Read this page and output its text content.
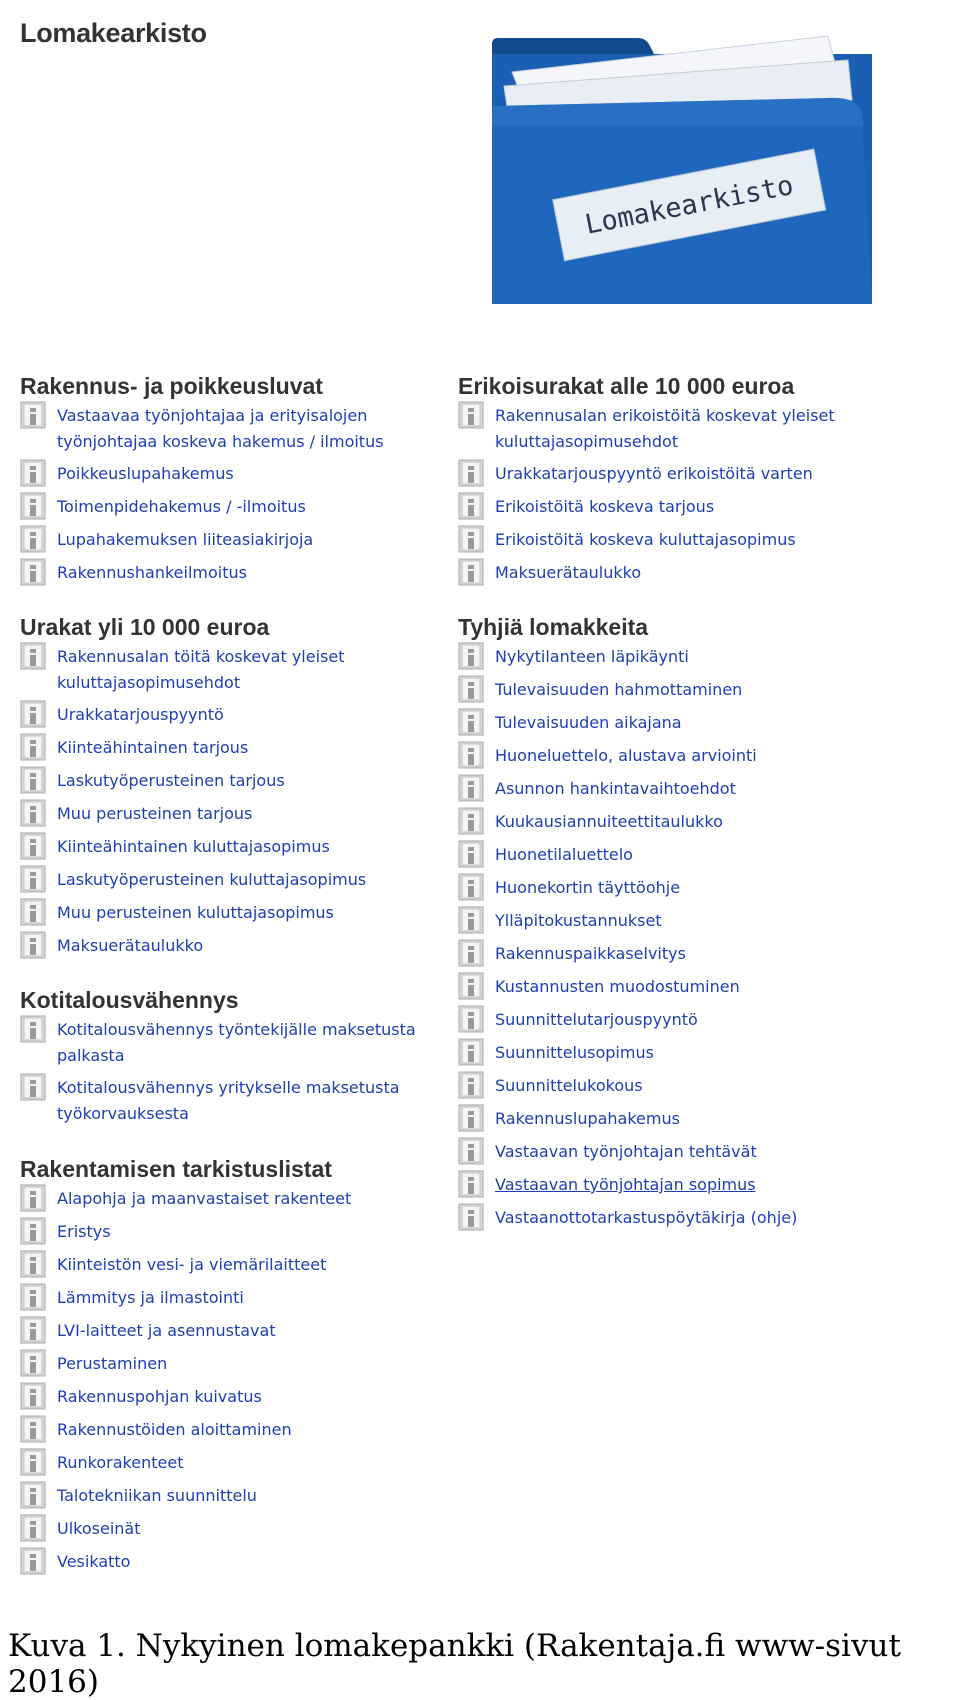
Lomakearkisto
Lomakearkisto
Rakennus- ja poikkeusluvat
Vastaavaa työnjohtajaa ja erityisalojen työnjohtajaa koskeva hakemus / ilmoitus
Poikkeuslupahakemus
Toimenpidehakemus / -ilmoitus
Lupahakemuksen liiteasiakirjoja
Rakennushankeilmoitus
Urakat yli 10 000 euroa
Rakennusalan töitä koskevat yleiset kuluttajasopimusehdot
Urakkatarjouspyyntö
Kiinteähintainen tarjous
Laskutyöperusteinen tarjous
Muu perusteinen tarjous
Kiinteähintainen kuluttajasopimus
Laskutyöperusteinen kuluttajasopimus
Muu perusteinen kuluttajasopimus
Maksuerätaulukko
Kotitalousvähennys
Kotitalousvähennys työntekijälle maksetusta palkasta
Kotitalousvähennys yritykselle maksetusta työkorvauksesta
Rakentamisen tarkistuslistat
Alapohja ja maanvastaiset rakenteet
Eristys
Kiinteistön vesi- ja viemärilaitteet
Lämmitys ja ilmastointi
LVI-laitteet ja asennustavat
Perustaminen
Rakennuspohjan kuivatus
Rakennustöiden aloittaminen
Runkorakenteet
Talotekniikan suunnittelu
Ulkoseinät
Vesikatto
Erikoisurakat alle 10 000 euroa
Rakennusalan erikoistöitä koskevat yleiset kuluttajasopimusehdot
Urakkatarjouspyyntö erikoistöitä varten
Erikoistöitä koskeva tarjous
Erikoistöitä koskeva kuluttajasopimus
Maksuerätaulukko
Tyhjiä lomakkeita
Nykytilanteen läpikäynti
Tulevaisuuden hahmottaminen
Tulevaisuuden aikajana
Huoneluettelo, alustava arviointi
Asunnon hankintavaihtoehdot
Kuukausiannuiteettitaulukko
Huonetilaluettelo
Huonekortin täyttöohje
Ylläpitokustannukset
Rakennuspaikkaselvitys
Kustannusten muodostuminen
Suunnittelutarjouspyyntö
Suunnittelusopimus
Suunnittelukokous
Rakennuslupahakemus
Vastaavan työnjohtajan tehtävät
Vastaavan työnjohtajan sopimus
Vastaanottotarkastuspöytäkirja (ohje)

Kuva 1. Nykyinen lomakepankki (Rakentaja.fi www-sivut 2016)
